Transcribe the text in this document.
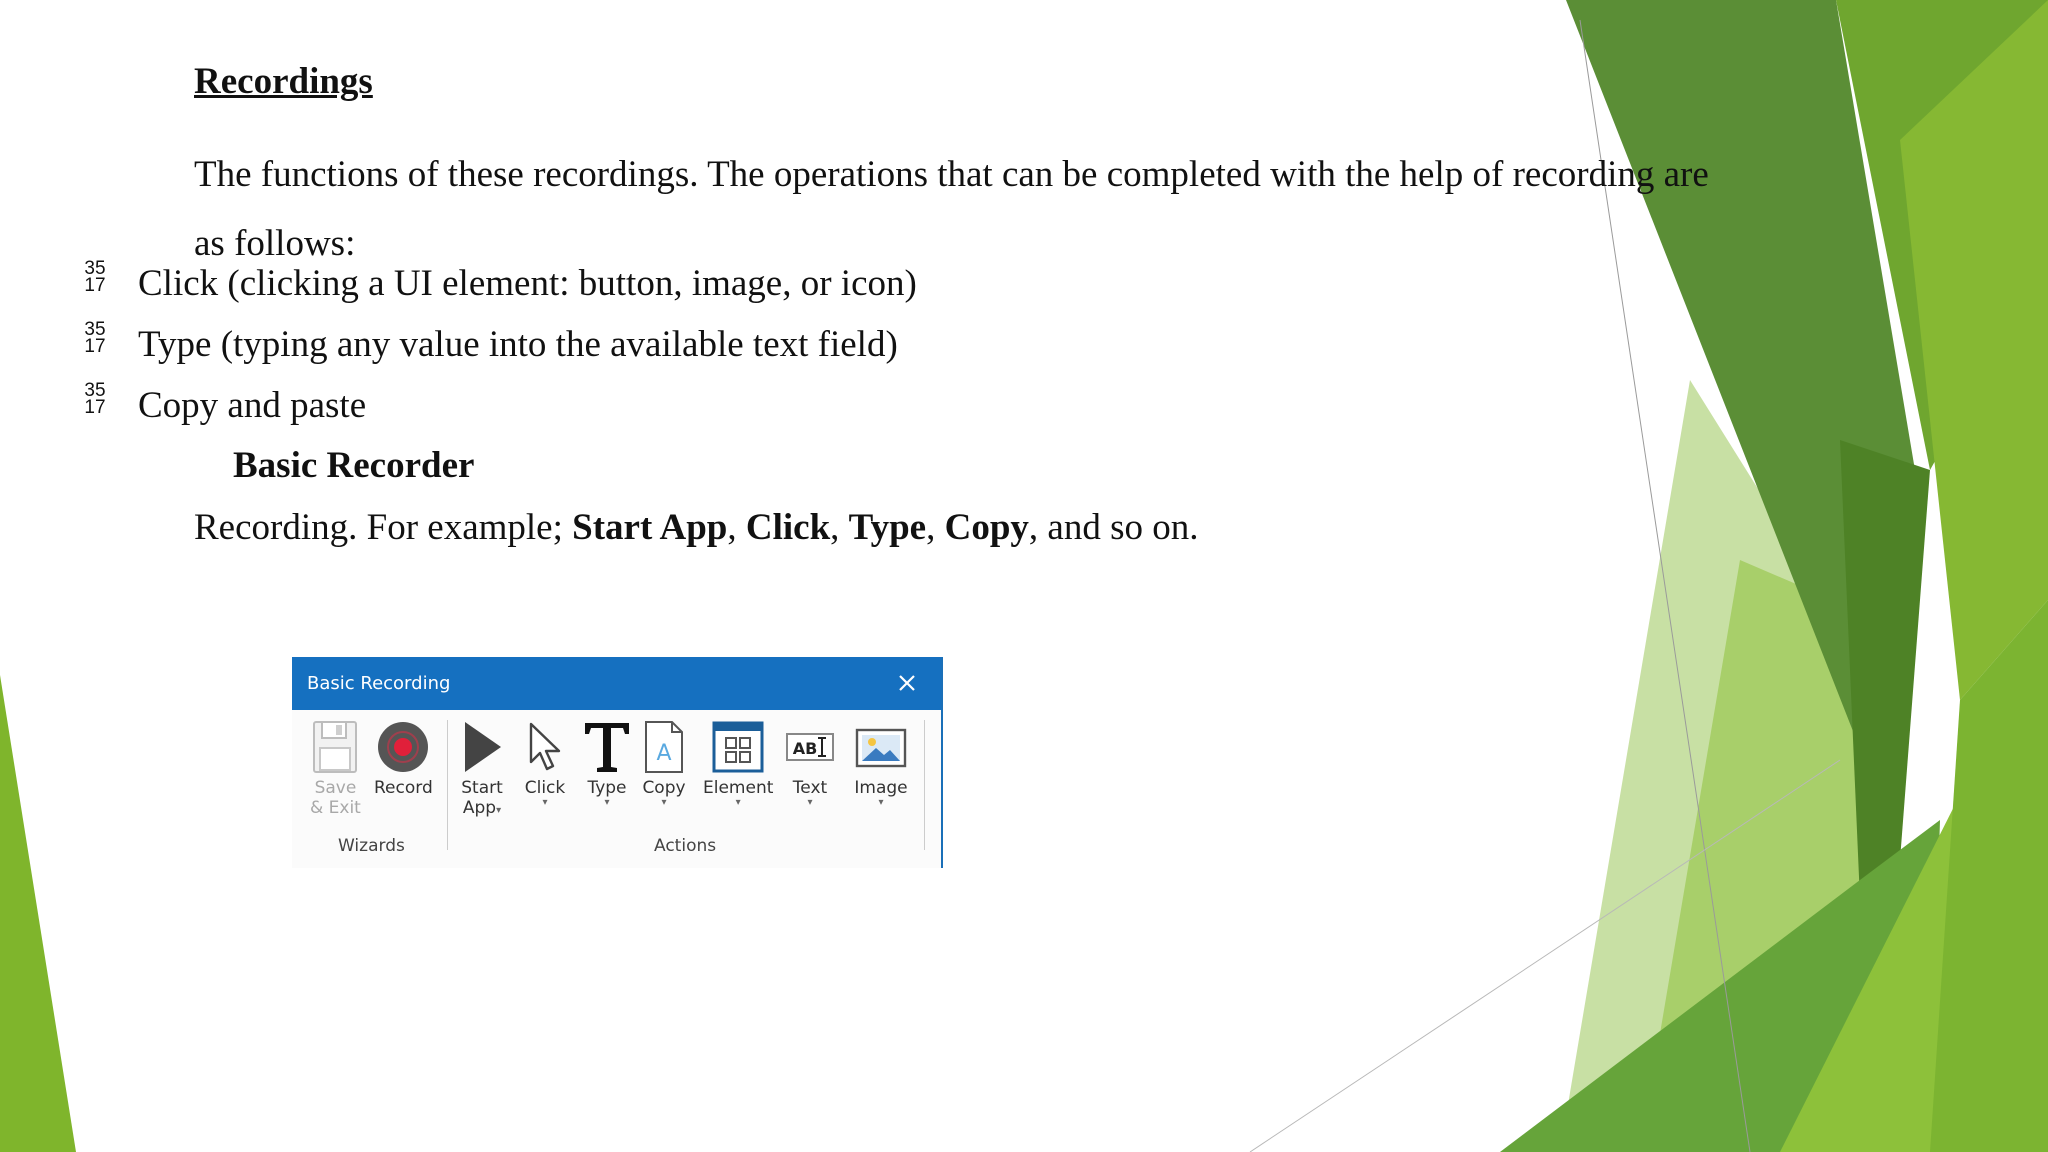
Recordings

The functions of these recordings. The operations that can be completed with the help of recording are as follows:

35
17 Click (clicking a UI element: button, image, or icon)
35
17 Type (typing any value into the available text field)
35
17 Copy and paste
Basic Recorder

Recording. For example; Start App, Click, Type, Copy, and so on.

Basic Recording
Save
& Exit
Record
Wizards
Start
App▾
Click
▾
Type
▾
A
Copy
▾
Element
▾
AB
Text
▾
Image
▾
Actions
